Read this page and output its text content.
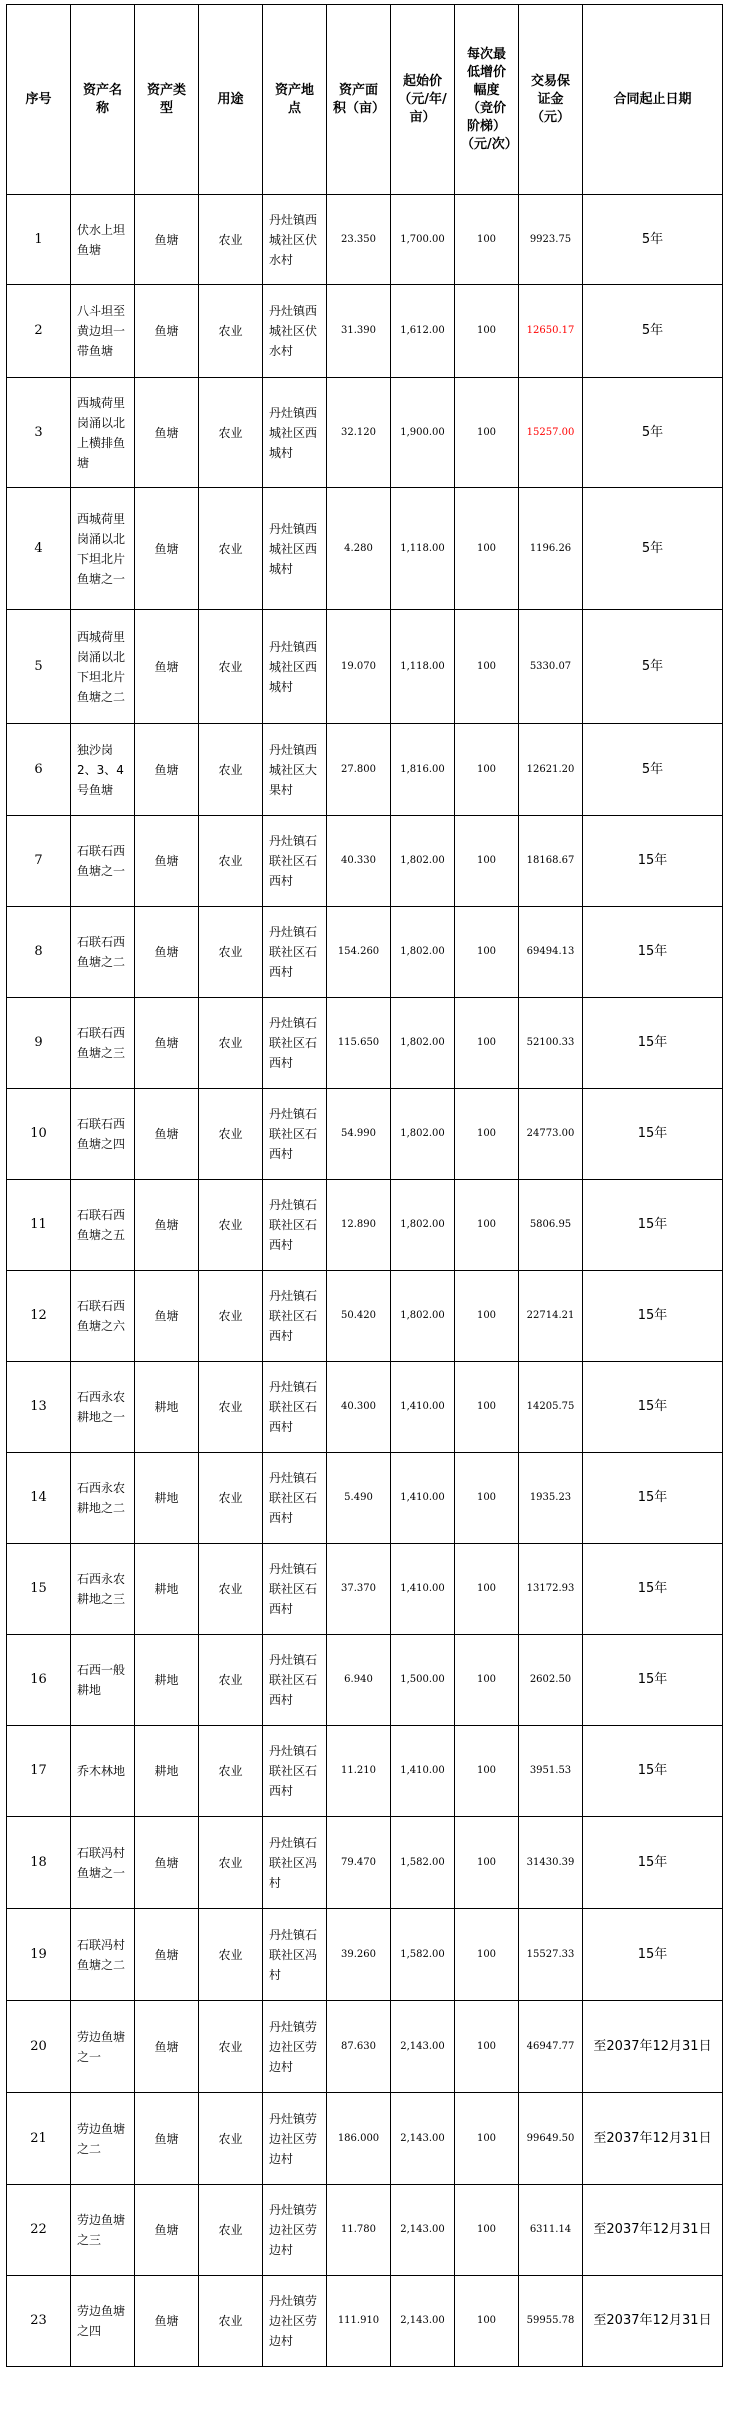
序号	资产名称	资产类型	用途	资产地点	资产面积（亩）	起始价（元/年/亩）	每次最低增价幅度（竞价阶梯）（元/次）	交易保证金（元）	合同起止日期
1	伏水上坦鱼塘	鱼塘	农业	丹灶镇西城社区伏水村	23.350	1,700.00	100	9923.75	5年
2	八斗坦至黄边坦一带鱼塘	鱼塘	农业	丹灶镇西城社区伏水村	31.390	1,612.00	100	12650.17	5年
3	西城荷里岗涌以北上横排鱼塘	鱼塘	农业	丹灶镇西城社区西城村	32.120	1,900.00	100	15257.00	5年
4	西城荷里岗涌以北下坦北片鱼塘之一	鱼塘	农业	丹灶镇西城社区西城村	4.280	1,118.00	100	1196.26	5年
5	西城荷里岗涌以北下坦北片鱼塘之二	鱼塘	农业	丹灶镇西城社区西城村	19.070	1,118.00	100	5330.07	5年
6	独沙岗2、3、4号鱼塘	鱼塘	农业	丹灶镇西城社区大果村	27.800	1,816.00	100	12621.20	5年
7	石联石西鱼塘之一	鱼塘	农业	丹灶镇石联社区石西村	40.330	1,802.00	100	18168.67	15年
8	石联石西鱼塘之二	鱼塘	农业	丹灶镇石联社区石西村	154.260	1,802.00	100	69494.13	15年
9	石联石西鱼塘之三	鱼塘	农业	丹灶镇石联社区石西村	115.650	1,802.00	100	52100.33	15年
10	石联石西鱼塘之四	鱼塘	农业	丹灶镇石联社区石西村	54.990	1,802.00	100	24773.00	15年
11	石联石西鱼塘之五	鱼塘	农业	丹灶镇石联社区石西村	12.890	1,802.00	100	5806.95	15年
12	石联石西鱼塘之六	鱼塘	农业	丹灶镇石联社区石西村	50.420	1,802.00	100	22714.21	15年
13	石西永农耕地之一	耕地	农业	丹灶镇石联社区石西村	40.300	1,410.00	100	14205.75	15年
14	石西永农耕地之二	耕地	农业	丹灶镇石联社区石西村	5.490	1,410.00	100	1935.23	15年
15	石西永农耕地之三	耕地	农业	丹灶镇石联社区石西村	37.370	1,410.00	100	13172.93	15年
16	石西一般耕地	耕地	农业	丹灶镇石联社区石西村	6.940	1,500.00	100	2602.50	15年
17	乔木林地	耕地	农业	丹灶镇石联社区石西村	11.210	1,410.00	100	3951.53	15年
18	石联冯村鱼塘之一	鱼塘	农业	丹灶镇石联社区冯村	79.470	1,582.00	100	31430.39	15年
19	石联冯村鱼塘之二	鱼塘	农业	丹灶镇石联社区冯村	39.260	1,582.00	100	15527.33	15年
20	劳边鱼塘之一	鱼塘	农业	丹灶镇劳边社区劳边村	87.630	2,143.00	100	46947.77	至2037年12月31日
21	劳边鱼塘之二	鱼塘	农业	丹灶镇劳边社区劳边村	186.000	2,143.00	100	99649.50	至2037年12月31日
22	劳边鱼塘之三	鱼塘	农业	丹灶镇劳边社区劳边村	11.780	2,143.00	100	6311.14	至2037年12月31日
23	劳边鱼塘之四	鱼塘	农业	丹灶镇劳边社区劳边村	111.910	2,143.00	100	59955.78	至2037年12月31日
